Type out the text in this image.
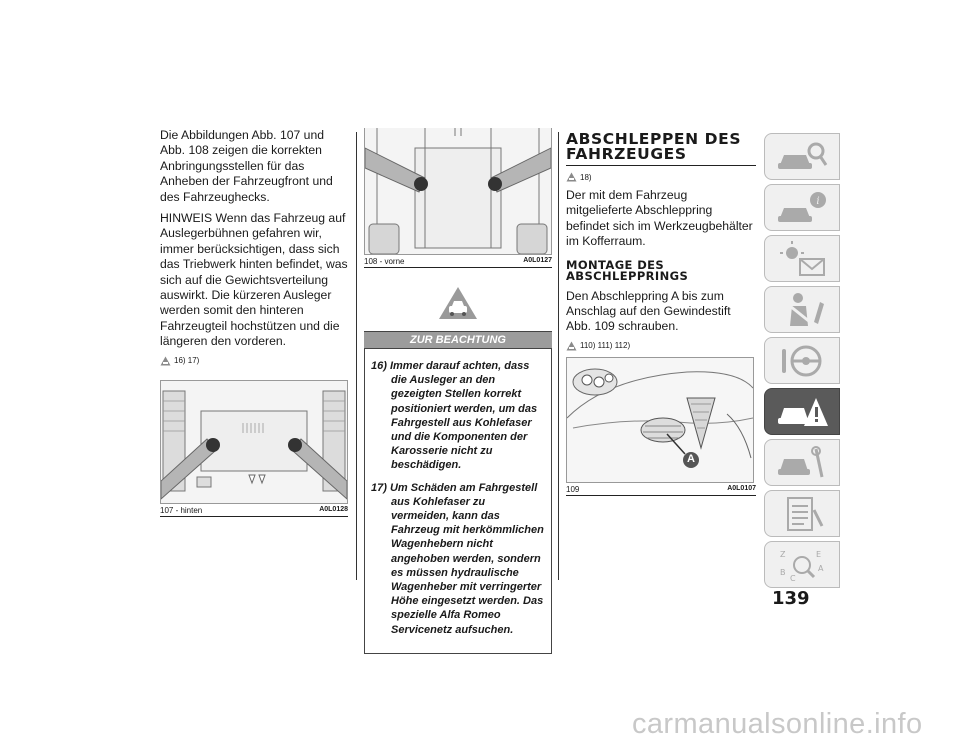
Die Abbildungen Abb. 107 und Abb. 108 zeigen die korrekten Anbringungsstellen für das Anheben der Fahrzeugfront und des Fahrzeughecks.

HINWEIS Wenn das Fahrzeug auf Auslegerbühnen gefahren wir, immer berücksichtigen, dass sich das Triebwerk hinten befindet, was sich auf die Gewichtsverteilung auswirkt. Die kürzeren Ausleger werden somit den hinteren Fahrzeugteil hochstützen und die längeren den vorderen.

16) 17)
107 - hinten	A0L0128
108 - vorne	A0L0127
ZUR BEACHTUNG

16) Immer darauf achten, dass die Ausleger an den gezeigten Stellen korrekt positioniert werden, um das Fahrgestell aus Kohlefaser und die Komponenten der Karosserie nicht zu beschädigen.

17) Um Schäden am Fahrgestell aus Kohlefaser zu vermeiden, kann das Fahrzeug mit herkömmlichen Wagenhebern nicht angehoben werden, sondern es müssen hydraulische Wagenheber mit verringerter Höhe eingesetzt werden. Das spezielle Alfa Romeo Servicenetz aufsuchen.

ABSCHLEPPEN DES FAHRZEUGES
18)

Der mit dem Fahrzeug mitgelieferte Abschleppring befindet sich im Werkzeugbehälter im Kofferraum.

MONTAGE DES ABSCHLEPPRINGS

Den Abschleppring A bis zum Anschlag auf den Gewindestift Abb. 109 schrauben.

110) 111) 112)
A
109	A0L0107
i
Z
B
E
A
C
139
carmanualsonline.info
